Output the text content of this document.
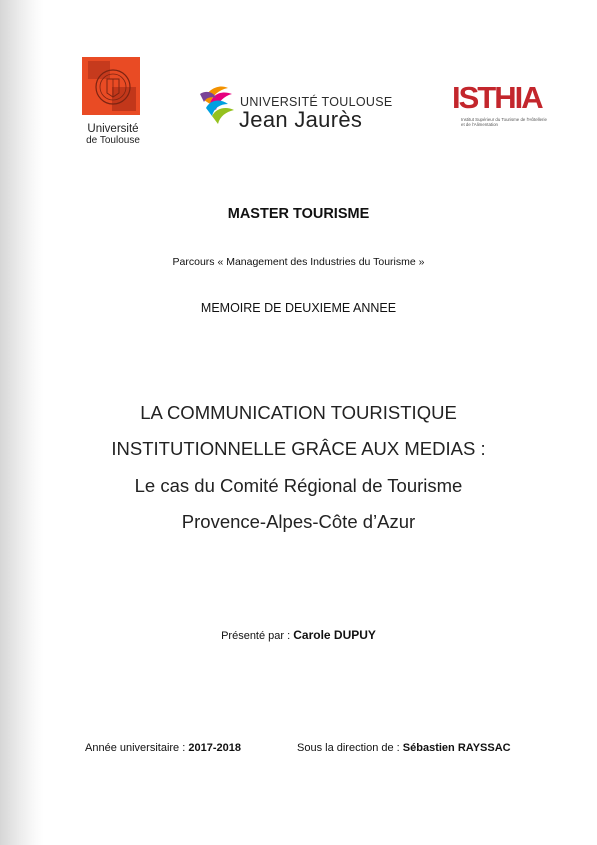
Université
de Toulouse
UNIVERSITÉ TOULOUSE
Jean Jaurès
ISTHIA
Institut Supérieur du Tourisme de l'Hôtellerie et de l'Alimentation
MASTER TOURISME
Parcours « Management des Industries du Tourisme »
MEMOIRE DE DEUXIEME ANNEE
LA COMMUNICATION TOURISTIQUE
INSTITUTIONNELLE GRÂCE AUX MEDIAS :
Le cas du Comité Régional de Tourisme
Provence-Alpes-Côte d’Azur
Présenté par : Carole DUPUY
Année universitaire : 2017-2018	Sous la direction de : Sébastien RAYSSAC
